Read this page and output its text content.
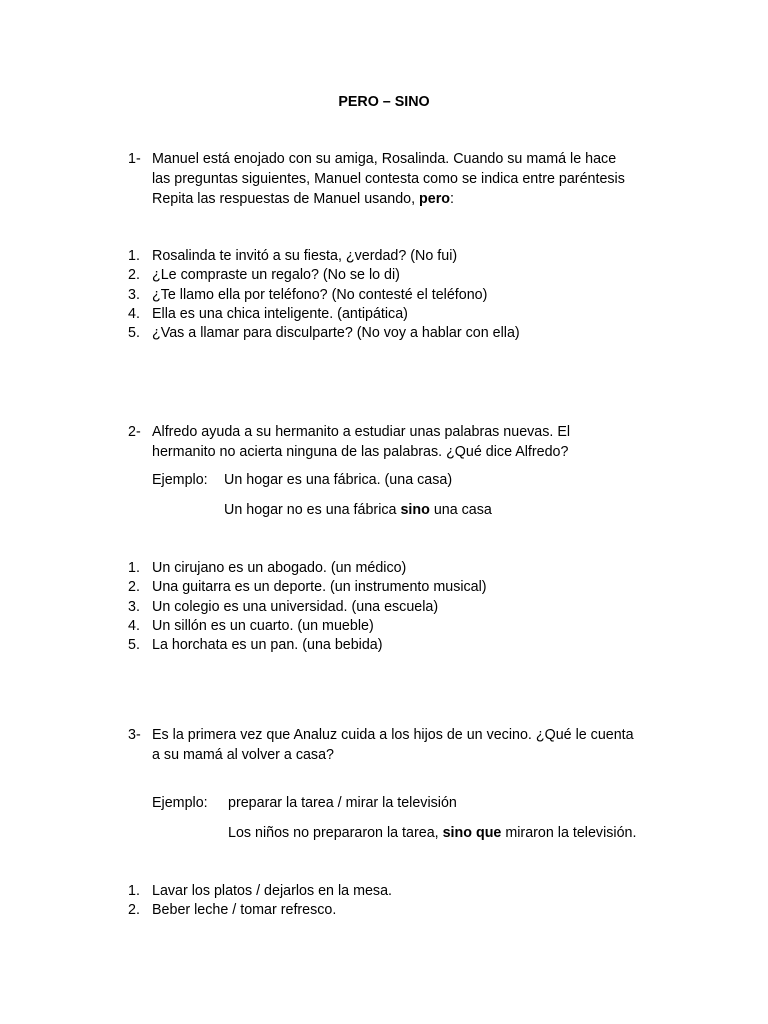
PERO – SINO
1- Manuel está enojado con su amiga, Rosalinda. Cuando su mamá le hace

las preguntas siguientes, Manuel contesta como se indica entre paréntesis

Repita las respuestas de Manuel usando, pero:

1. Rosalinda te invitó a su fiesta, ¿verdad? (No fui)
2. ¿Le compraste un regalo? (No se lo di)
3. ¿Te llamo ella por teléfono? (No contesté el teléfono)
4. Ella es una chica inteligente. (antipática)
5. ¿Vas a llamar para disculparte? (No voy a hablar con ella)
2- Alfredo ayuda a su hermanito a estudiar unas palabras nuevas. El

hermanito no acierta ninguna de las palabras. ¿Qué dice Alfredo?

Ejemplo: Un hogar es una fábrica. (una casa)
Un hogar no es una fábrica sino una casa
1. Un cirujano es un abogado. (un médico)
2. Una guitarra es un deporte. (un instrumento musical)
3. Un colegio es una universidad. (una escuela)
4. Un sillón es un cuarto. (un mueble)
5. La horchata es un pan. (una bebida)
3- Es la primera vez que Analuz cuida a los hijos de un vecino. ¿Qué le cuenta

a su mamá al volver a casa?

Ejemplo: preparar la tarea / mirar la televisión
Los niños no prepararon la tarea, sino que miraron la televisión.
1. Lavar los platos / dejarlos en la mesa.
2. Beber leche / tomar refresco.
